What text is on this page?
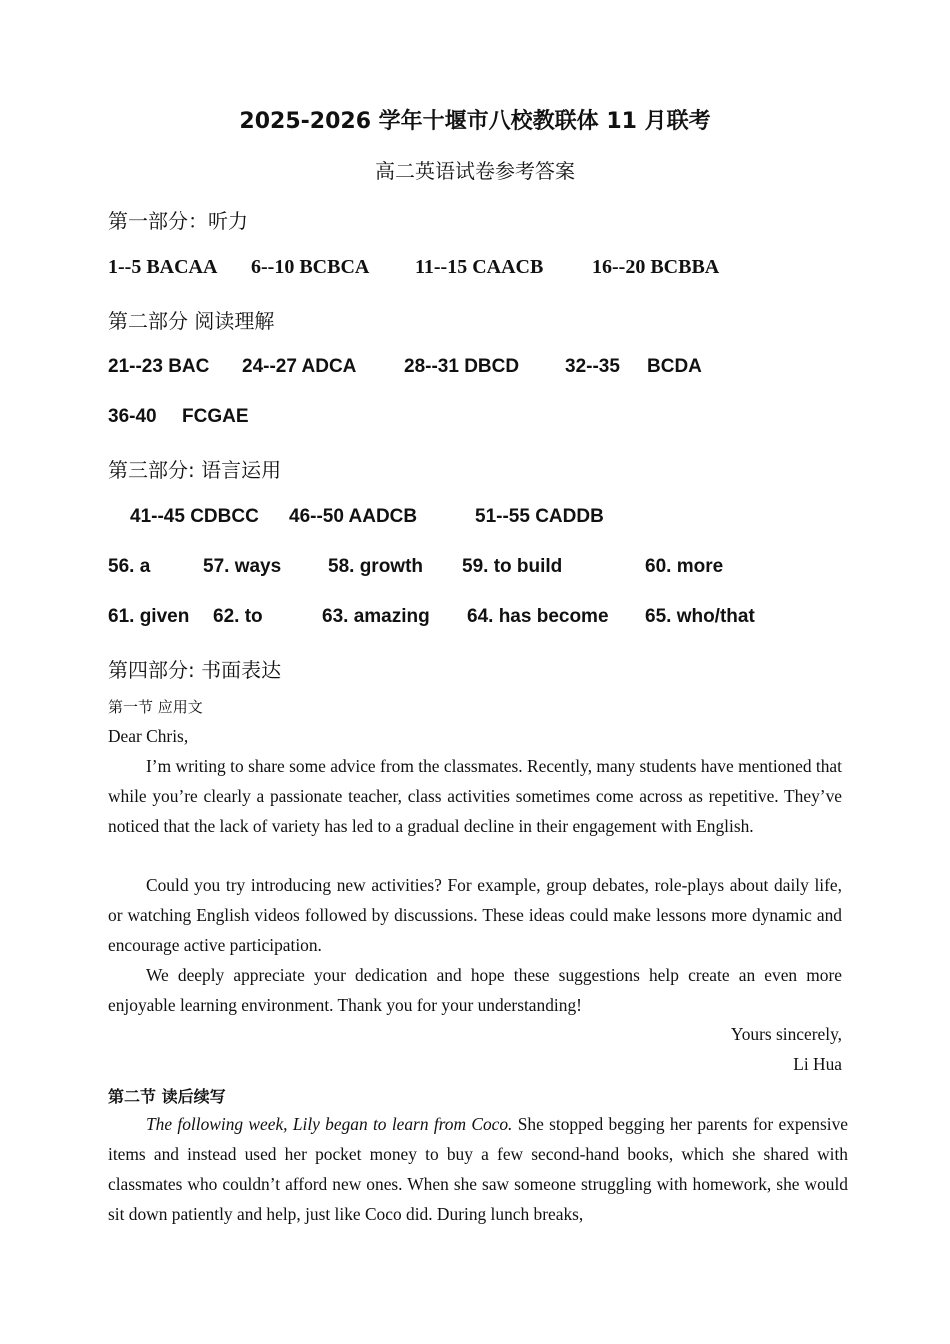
2025-2026 学年十堰市八校教联体 11 月联考
高二英语试卷参考答案
第一部分：听力
1--5 BACAA 6--10 BCBCA 11--15 CAACB 16--20 BCBBA
第二部分 阅读理解
21--23 BAC 24--27 ADCA	28--31 DBCD 32--35 BCDA
36-40 FCGAE
第三部分: 语言运用
41--45 CDBCC 46--50 AADCB	51--55 CADDB
56. a	57. ways 58. growth 59. to build	60. more
61. given 62. to	63. amazing 64. has become 65. who/that
第四部分: 书面表达
第一节 应用文
Dear Chris,
I’m writing to share some advice from the classmates. Recently, many students have mentioned that while you’re clearly a passionate teacher, class activities sometimes come across as repetitive. They’ve noticed that the lack of variety has led to a gradual decline in their engagement with English.
Could you try introducing new activities? For example, group debates, role-plays about daily life, or watching English videos followed by discussions. These ideas could make lessons more dynamic and encourage active participation.
We deeply appreciate your dedication and hope these suggestions help create an even more enjoyable learning environment. Thank you for your understanding!
Yours sincerely,
Li Hua
第二节 读后续写
The following week, Lily began to learn from Coco. She stopped begging her parents for expensive items and instead used her pocket money to buy a few second-hand books, which she shared with classmates who couldn’t afford new ones. When she saw someone struggling with homework, she would sit down patiently and help, just like Coco did. During lunch breaks,
